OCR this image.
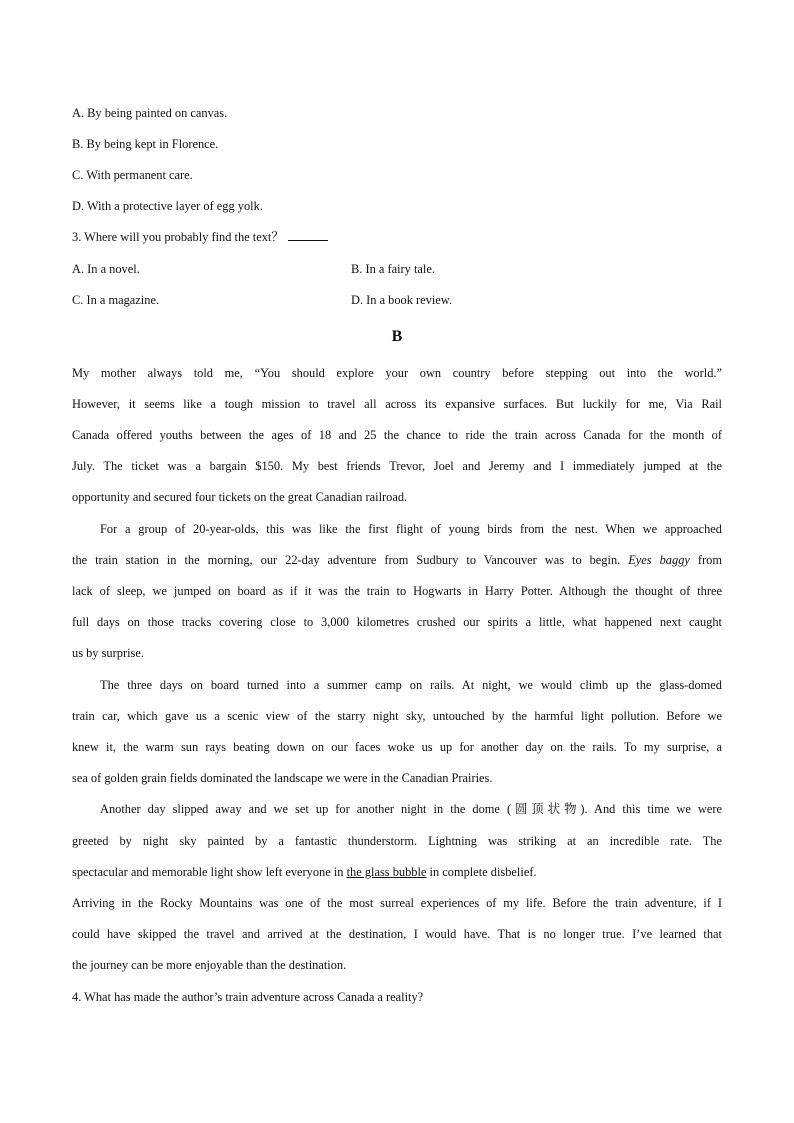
A. By being painted on canvas.
B. By being kept in Florence.
C. With permanent care.
D. With a protective layer of egg yolk.
3. Where will you probably find the text？
A. In a novel.	B. In a fairy tale.
C. In a magazine.	D. In a book review.
B
My mother always told me, “You should explore your own country before stepping out into the world.”
However, it seems like a tough mission to travel all across its expansive surfaces. But luckily for me, Via Rail
Canada offered youths between the ages of 18 and 25 the chance to ride the train across Canada for the month of
July. The ticket was a bargain $150. My best friends Trevor, Joel and Jeremy and I immediately jumped at the
opportunity and secured four tickets on the great Canadian railroad.
For a group of 20-year-olds, this was like the first flight of young birds from the nest. When we approached
the train station in the morning, our 22-day adventure from Sudbury to Vancouver was to begin. Eyes baggy from
lack of sleep, we jumped on board as if it was the train to Hogwarts in Harry Potter. Although the thought of three
full days on those tracks covering close to 3,000 kilometres crushed our spirits a little, what happened next caught
us by surprise.
The three days on board turned into a summer camp on rails. At night, we would climb up the glass-domed
train car, which gave us a scenic view of the starry night sky, untouched by the harmful light pollution. Before we
knew it, the warm sun rays beating down on our faces woke us up for another day on the rails. To my surprise, a
sea of golden grain fields dominated the landscape we were in the Canadian Prairies.
Another day slipped away and we set up for another night in the dome (圆顶状物). And this time we were
greeted by night sky painted by a fantastic thunderstorm. Lightning was striking at an incredible rate. The
spectacular and memorable light show left everyone in the glass bubble in complete disbelief.
Arriving in the Rocky Mountains was one of the most surreal experiences of my life. Before the train adventure, if I
could have skipped the travel and arrived at the destination, I would have. That is no longer true. I’ve learned that
the journey can be more enjoyable than the destination.
4. What has made the author’s train adventure across Canada a reality?
